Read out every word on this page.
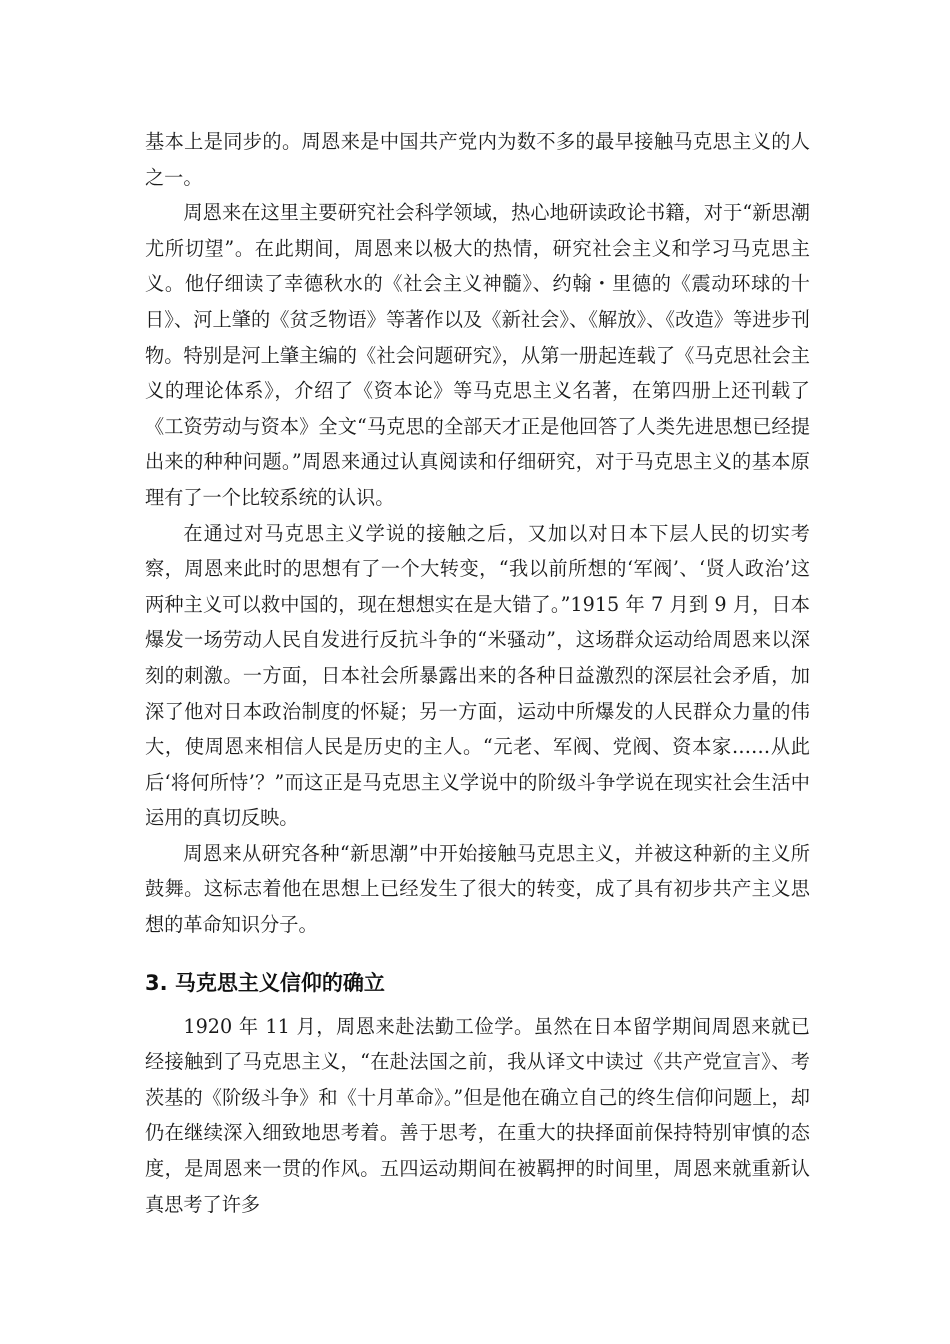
基本上是同步的。周恩来是中国共产党内为数不多的最早接触马克思主义的人之一。

周恩来在这里主要研究社会科学领域，热心地研读政论书籍，对于“新思潮尤所切望”。在此期间，周恩来以极大的热情，研究社会主义和学习马克思主义。他仔细读了幸德秋水的《社会主义神髓》、约翰・里德的《震动环球的十日》、河上肇的《贫乏物语》等著作以及《新社会》、《解放》、《改造》等进步刊物。特别是河上肇主编的《社会问题研究》，从第一册起连载了《马克思社会主义的理论体系》，介绍了《资本论》等马克思主义名著，在第四册上还刊载了《工资劳动与资本》全文“马克思的全部天才正是他回答了人类先进思想已经提出来的种种问题。”周恩来通过认真阅读和仔细研究，对于马克思主义的基本原理有了一个比较系统的认识。

在通过对马克思主义学说的接触之后，又加以对日本下层人民的切实考察，周恩来此时的思想有了一个大转变，“我以前所想的‘军阀’、‘贤人政治’这两种主义可以救中国的，现在想想实在是大错了。”1915 年 7 月到 9 月，日本爆发一场劳动人民自发进行反抗斗争的“米骚动”，这场群众运动给周恩来以深刻的刺激。一方面，日本社会所暴露出来的各种日益激烈的深层社会矛盾，加深了他对日本政治制度的怀疑；另一方面，运动中所爆发的人民群众力量的伟大，使周恩来相信人民是历史的主人。“元老、军阀、党阀、资本家……从此后‘将何所恃’？”而这正是马克思主义学说中的阶级斗争学说在现实社会生活中运用的真切反映。

周恩来从研究各种“新思潮”中开始接触马克思主义，并被这种新的主义所鼓舞。这标志着他在思想上已经发生了很大的转变，成了具有初步共产主义思想的革命知识分子。

3. 马克思主义信仰的确立

1920 年 11 月，周恩来赴法勤工俭学。虽然在日本留学期间周恩来就已经接触到了马克思主义，“在赴法国之前，我从译文中读过《共产党宣言》、考茨基的《阶级斗争》和《十月革命》。”但是他在确立自己的终生信仰问题上，却仍在继续深入细致地思考着。善于思考，在重大的抉择面前保持特别审慎的态度，是周恩来一贯的作风。五四运动期间在被羁押的时间里，周恩来就重新认真思考了许多
